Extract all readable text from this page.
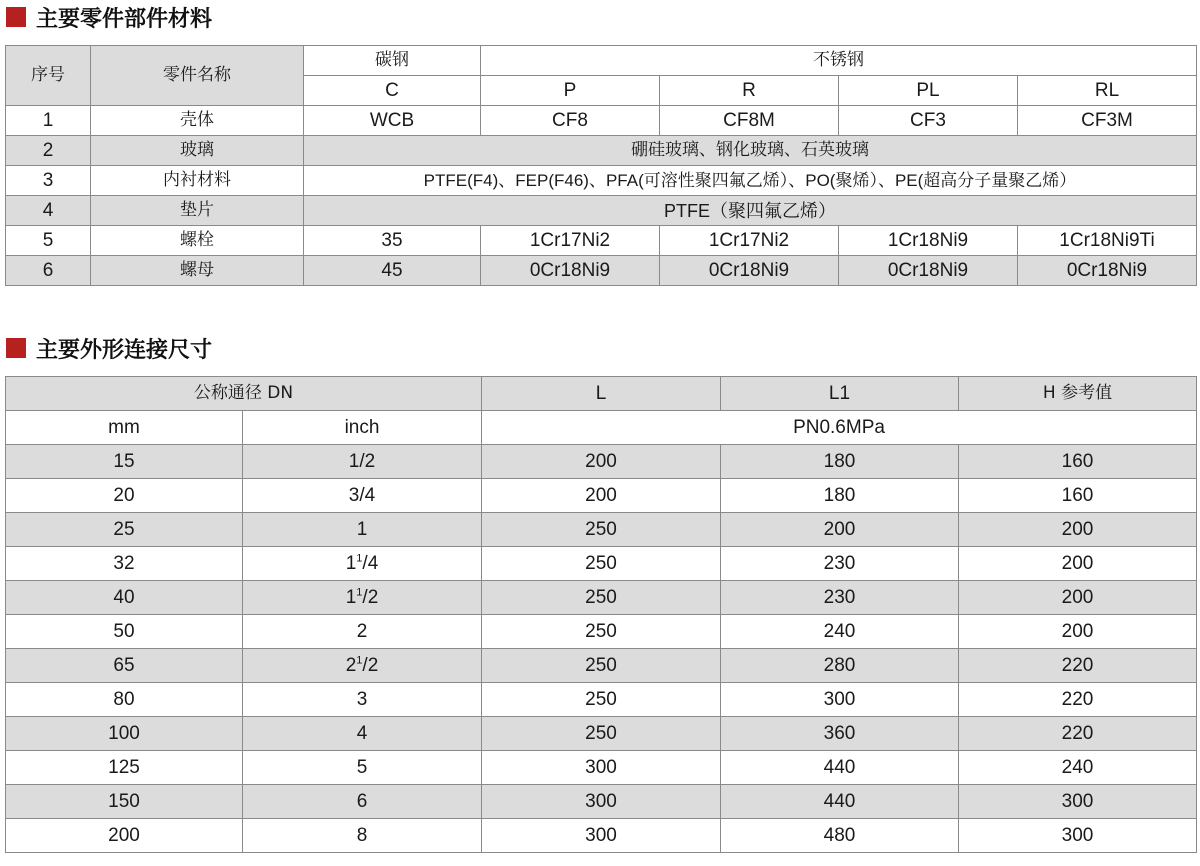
主要零件部件材料
序号	零件名称	碳钢	不锈钢			
		C	P	R	PL	RL
1	壳体	WCB	CF8	CF8M	CF3	CF3M
2	玻璃	硼硅玻璃、钢化玻璃、石英玻璃				
3	内衬材料	PTFE(F4)、FEP(F46)、PFA(可溶性聚四氟乙烯）、PO(聚烯）、PE(超高分子量聚乙烯）				
4	垫片	PTFE（聚四氟乙烯）				
5	螺栓	35	1Cr17Ni2	1Cr17Ni2	1Cr18Ni9	1Cr18Ni9Ti
6	螺母	45	0Cr18Ni9	0Cr18Ni9	0Cr18Ni9	0Cr18Ni9
主要外形连接尺寸
公称通径 DN		L	L1	H 参考值
mm	inch	PN0.6MPa		
15	1/2	200	180	160
20	3/4	200	180	160
25	1	250	200	200
32	$1^1/4$	250	230	200
40	$1^1/2$	250	230	200
50	2	250	240	200
65	$2^1/2$	250	280	220
80	3	250	300	220
100	4	250	360	220
125	5	300	440	240
150	6	300	440	300
200	8	300	480	300
